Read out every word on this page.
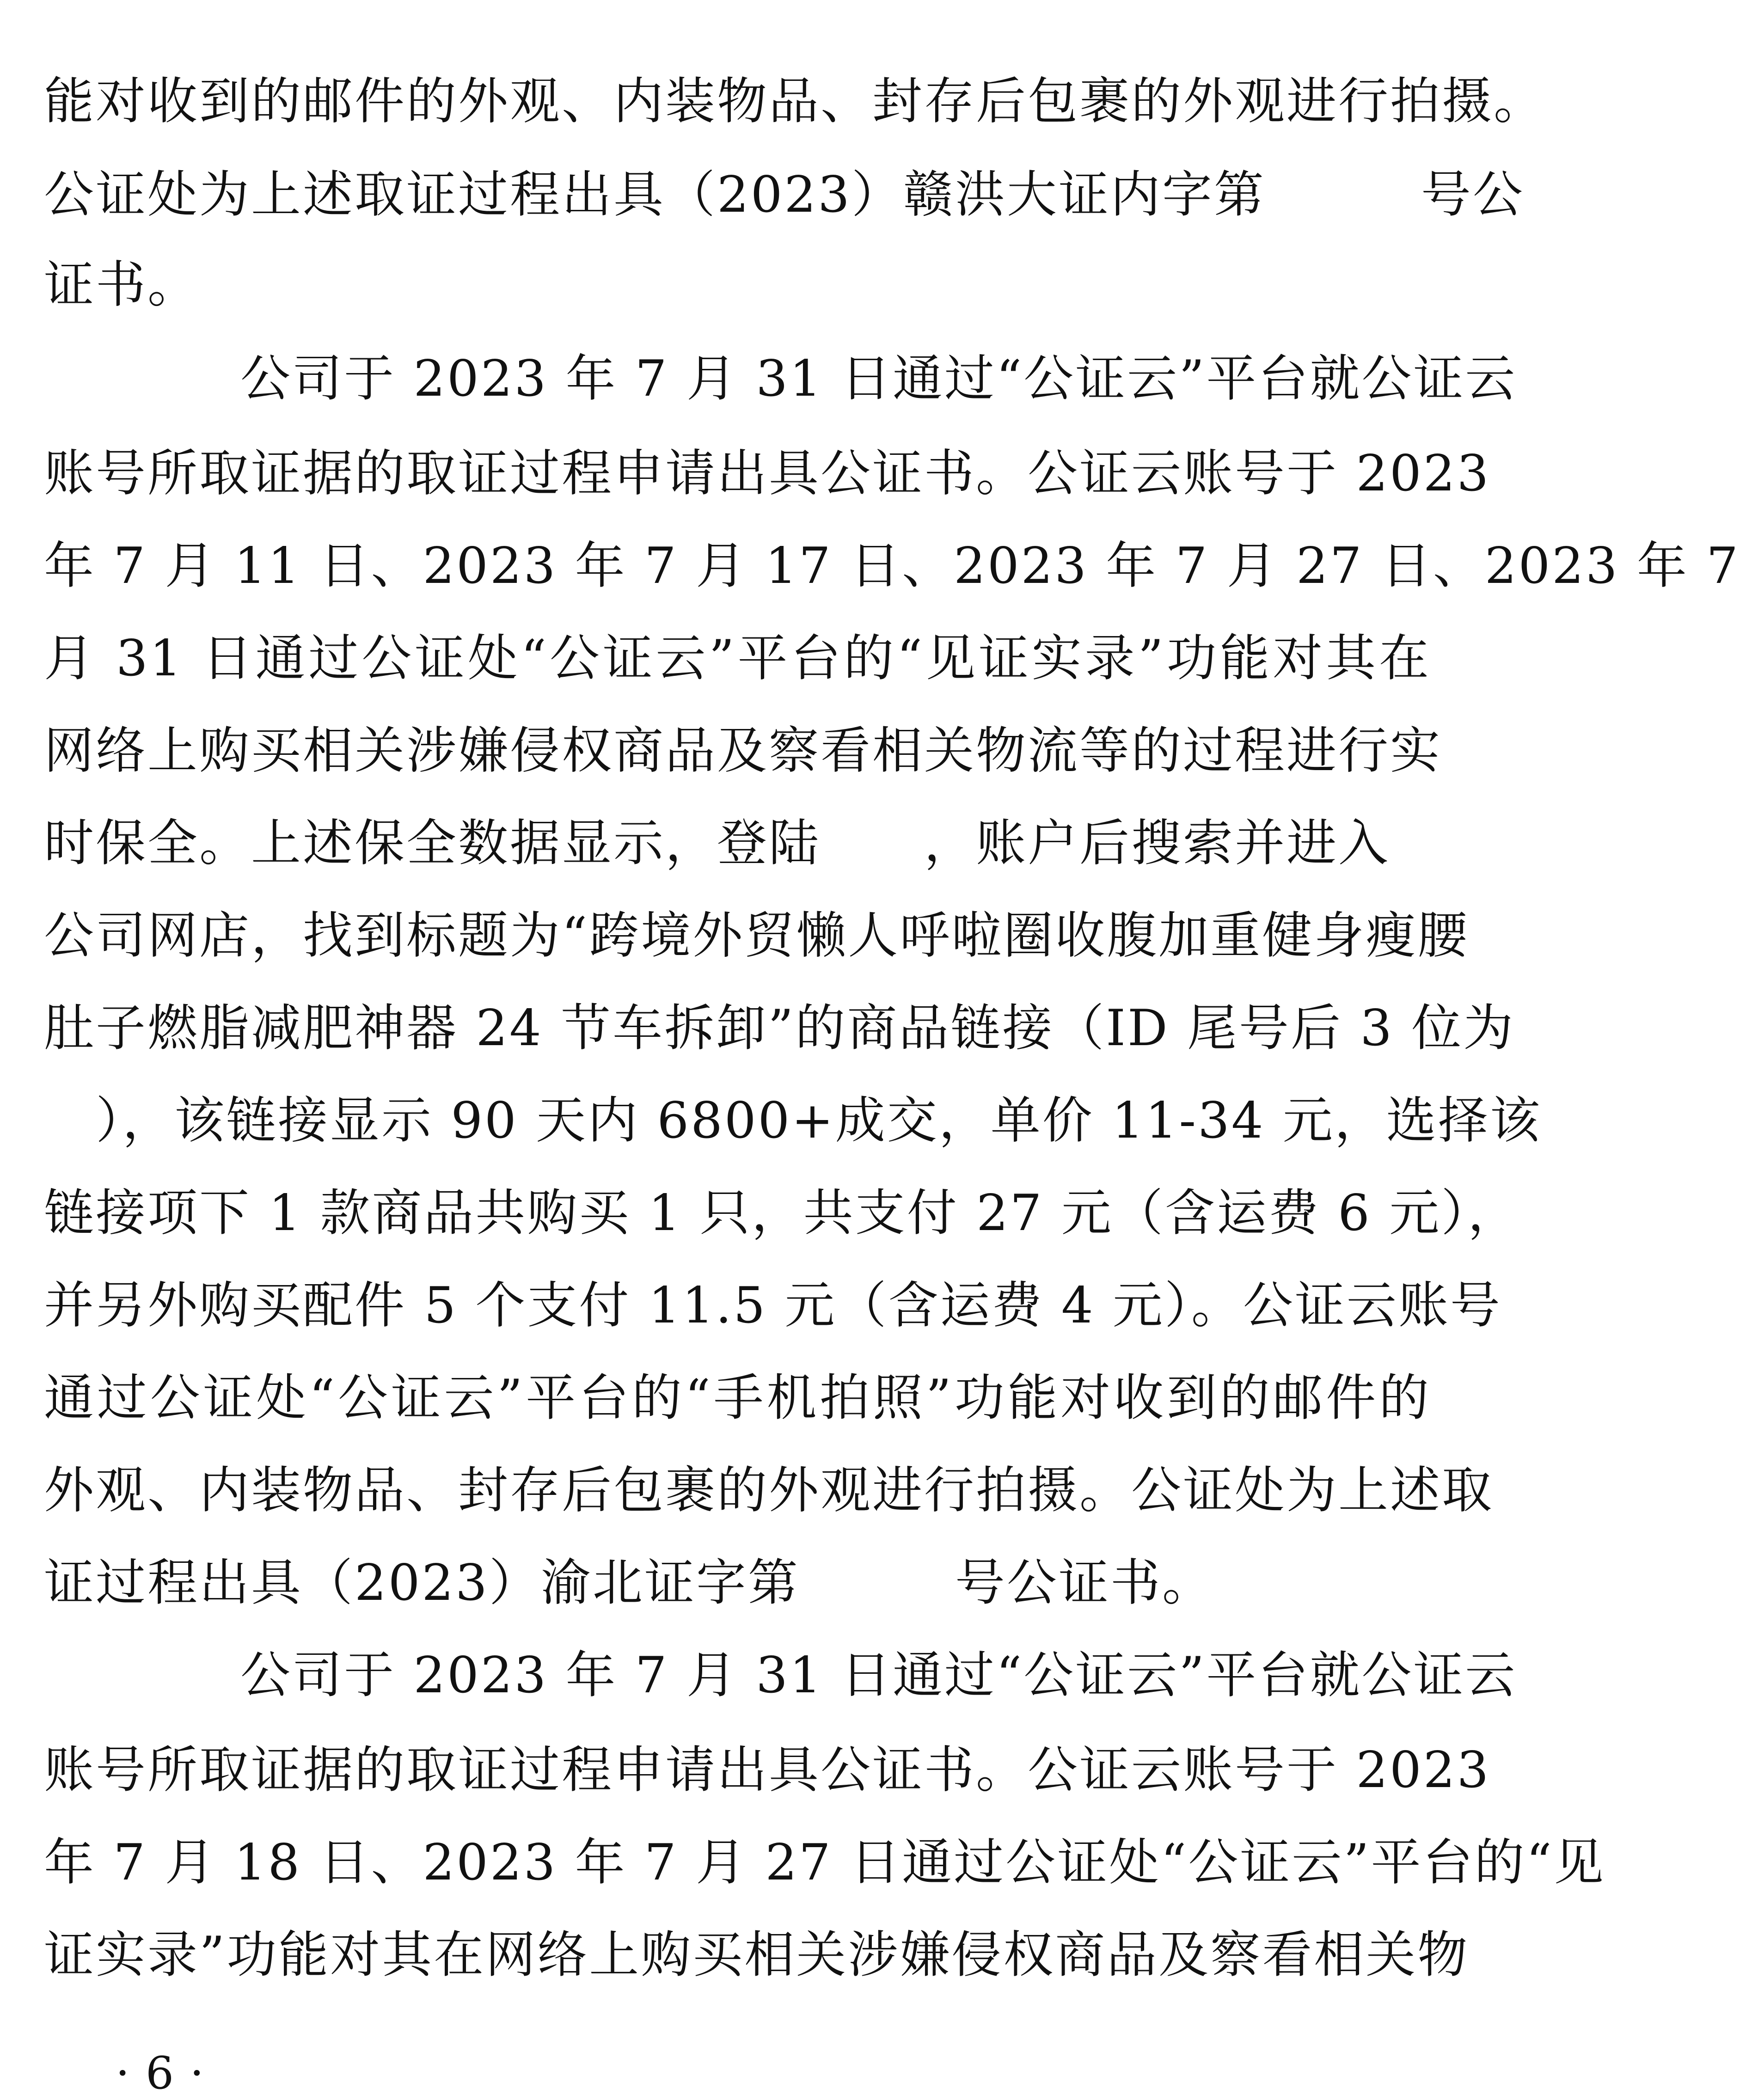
能对收到的邮件的外观、内装物品、封存后包裹的外观进行拍摄。
公证处为上述取证过程出具（2023）赣洪大证内字第　　　号公
证书。
公司于 2023 年 7 月 31 日通过“公证云”平台就公证云
账号所取证据的取证过程申请出具公证书。公证云账号于 2023
年 7 月 11 日、2023 年 7 月 17 日、2023 年 7 月 27 日、2023 年 7
月 31 日通过公证处“公证云”平台的“见证实录”功能对其在
网络上购买相关涉嫌侵权商品及察看相关物流等的过程进行实
时保全。上述保全数据显示，登陆　　，账户后搜索并进入
公司网店，找到标题为“跨境外贸懒人呼啦圈收腹加重健身瘦腰
肚子燃脂减肥神器 24 节车拆卸”的商品链接（ID 尾号后 3 位为
　），该链接显示 90 天内 6800+成交，单价 11-34 元，选择该
链接项下 1 款商品共购买 1 只，共支付 27 元（含运费 6 元），
并另外购买配件 5 个支付 11.5 元（含运费 4 元）。公证云账号
通过公证处“公证云”平台的“手机拍照”功能对收到的邮件的
外观、内装物品、封存后包裹的外观进行拍摄。公证处为上述取
证过程出具（2023）渝北证字第　　　号公证书。
公司于 2023 年 7 月 31 日通过“公证云”平台就公证云
账号所取证据的取证过程申请出具公证书。公证云账号于 2023
年 7 月 18 日、2023 年 7 月 27 日通过公证处“公证云”平台的“见
证实录”功能对其在网络上购买相关涉嫌侵权商品及察看相关物
· 6 ·
